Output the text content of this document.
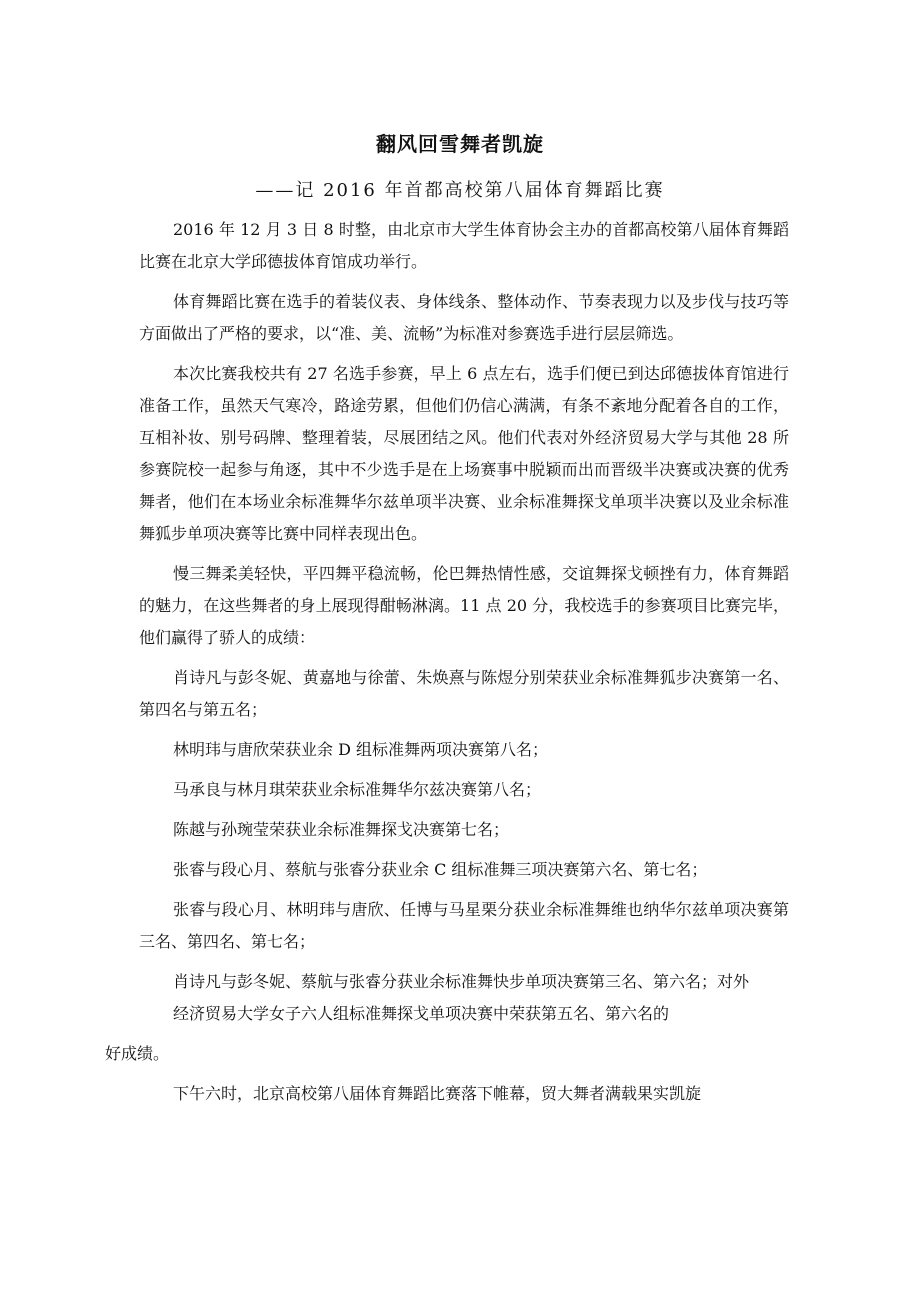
翻风回雪舞者凯旋
——记 2016 年首都高校第八届体育舞蹈比赛

2016 年 12 月 3 日 8 时整，由北京市大学生体育协会主办的首都高校第八届体育舞蹈比赛在北京大学邱德拔体育馆成功举行。

体育舞蹈比赛在选手的着装仪表、身体线条、整体动作、节奏表现力以及步伐与技巧等方面做出了严格的要求，以“准、美、流畅”为标准对参赛选手进行层层筛选。

本次比赛我校共有 27 名选手参赛，早上 6 点左右，选手们便已到达邱德拔体育馆进行准备工作，虽然天气寒冷，路途劳累，但他们仍信心满满，有条不紊地分配着各自的工作，互相补妆、别号码牌、整理着装，尽展团结之风。他们代表对外经济贸易大学与其他 28 所参赛院校一起参与角逐，其中不少选手是在上场赛事中脱颖而出而晋级半决赛或决赛的优秀舞者，他们在本场业余标准舞华尔兹单项半决赛、业余标准舞探戈单项半决赛以及业余标准舞狐步单项决赛等比赛中同样表现出色。

慢三舞柔美轻快，平四舞平稳流畅，伦巴舞热情性感，交谊舞探戈顿挫有力，体育舞蹈的魅力，在这些舞者的身上展现得酣畅淋漓。11 点 20 分，我校选手的参赛项目比赛完毕，他们赢得了骄人的成绩：

肖诗凡与彭冬妮、黄嘉地与徐蕾、朱焕熹与陈煜分别荣获业余标准舞狐步决赛第一名、第四名与第五名；

林明玮与唐欣荣获业余 D 组标准舞两项决赛第八名；

马承良与林月琪荣获业余标准舞华尔兹决赛第八名；

陈越与孙琬莹荣获业余标准舞探戈决赛第七名；

张睿与段心月、蔡航与张睿分获业余 C 组标准舞三项决赛第六名、第七名；

张睿与段心月、林明玮与唐欣、任博与马星栗分获业余标准舞维也纳华尔兹单项决赛第三名、第四名、第七名；

肖诗凡与彭冬妮、蔡航与张睿分获业余标准舞快步单项决赛第三名、第六名；对外

经济贸易大学女子六人组标准舞探戈单项决赛中荣获第五名、第六名的

好成绩。

下午六时，北京高校第八届体育舞蹈比赛落下帷幕，贸大舞者满载果实凯旋
